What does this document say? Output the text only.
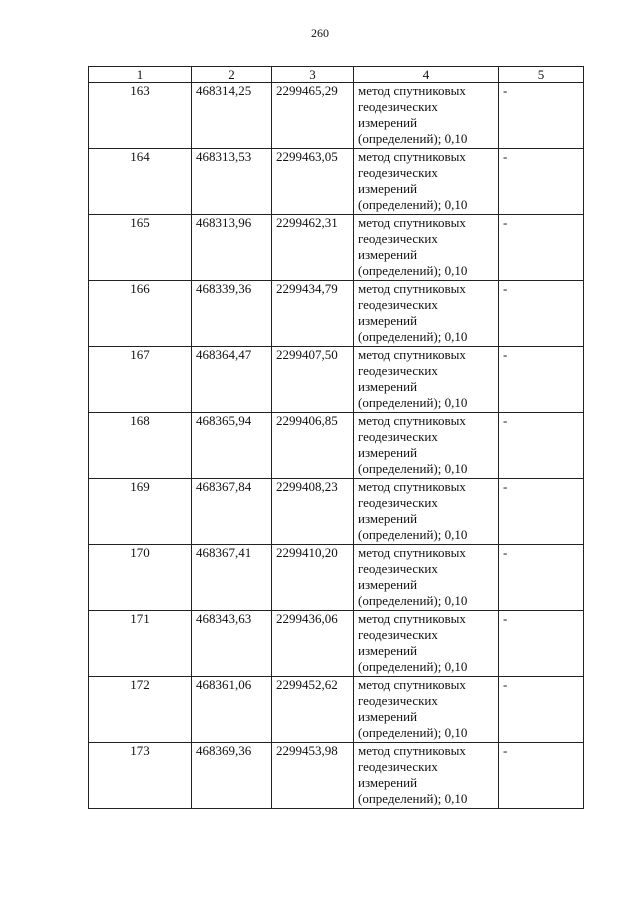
260
1	2	3	4	5
163	468314,25	2299465,29	метод спутниковых
геодезических
измерений
(определений); 0,10	-
164	468313,53	2299463,05	метод спутниковых
геодезических
измерений
(определений); 0,10	-
165	468313,96	2299462,31	метод спутниковых
геодезических
измерений
(определений); 0,10	-
166	468339,36	2299434,79	метод спутниковых
геодезических
измерений
(определений); 0,10	-
167	468364,47	2299407,50	метод спутниковых
геодезических
измерений
(определений); 0,10	-
168	468365,94	2299406,85	метод спутниковых
геодезических
измерений
(определений); 0,10	-
169	468367,84	2299408,23	метод спутниковых
геодезических
измерений
(определений); 0,10	-
170	468367,41	2299410,20	метод спутниковых
геодезических
измерений
(определений); 0,10	-
171	468343,63	2299436,06	метод спутниковых
геодезических
измерений
(определений); 0,10	-
172	468361,06	2299452,62	метод спутниковых
геодезических
измерений
(определений); 0,10	-
173	468369,36	2299453,98	метод спутниковых
геодезических
измерений
(определений); 0,10	-
